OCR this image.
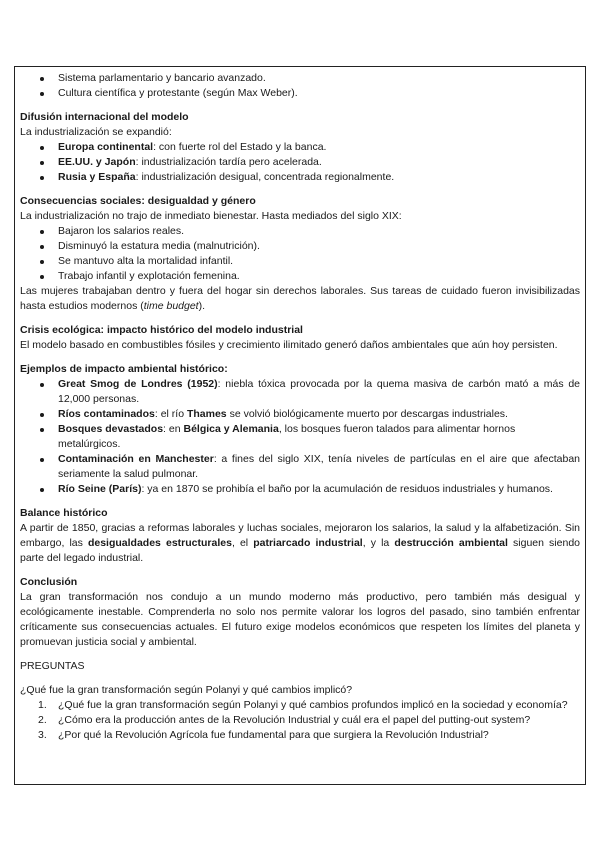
Sistema parlamentario y bancario avanzado.
Cultura científica y protestante (según Max Weber).
Difusión internacional del modelo

La industrialización se expandió:

Europa continental: con fuerte rol del Estado y la banca.
EE.UU. y Japón: industrialización tardía pero acelerada.
Rusia y España: industrialización desigual, concentrada regionalmente.
Consecuencias sociales: desigualdad y género

La industrialización no trajo de inmediato bienestar. Hasta mediados del siglo XIX:

Bajaron los salarios reales.
Disminuyó la estatura media (malnutrición).
Se mantuvo alta la mortalidad infantil.
Trabajo infantil y explotación femenina.

Las mujeres trabajaban dentro y fuera del hogar sin derechos laborales. Sus tareas de cuidado fueron invisibilizadas hasta estudios modernos (time budget).

Crisis ecológica: impacto histórico del modelo industrial

El modelo basado en combustibles fósiles y crecimiento ilimitado generó daños ambientales que aún hoy persisten.

Ejemplos de impacto ambiental histórico:
Great Smog de Londres (1952): niebla tóxica provocada por la quema masiva de carbón mató a más de 12,000 personas.
Ríos contaminados: el río Thames se volvió biológicamente muerto por descargas industriales.
Bosques devastados: en Bélgica y Alemania, los bosques fueron talados para alimentar hornos metalúrgicos.
Contaminación en Manchester: a fines del siglo XIX, tenía niveles de partículas en el aire que afectaban seriamente la salud pulmonar.
Río Seine (París): ya en 1870 se prohibía el baño por la acumulación de residuos industriales y humanos.
Balance histórico

A partir de 1850, gracias a reformas laborales y luchas sociales, mejoraron los salarios, la salud y la alfabetización. Sin embargo, las desigualdades estructurales, el patriarcado industrial, y la destrucción ambiental siguen siendo parte del legado industrial.

Conclusión

La gran transformación nos condujo a un mundo moderno más productivo, pero también más desigual y ecológicamente inestable. Comprenderla no solo nos permite valorar los logros del pasado, sino también enfrentar críticamente sus consecuencias actuales. El futuro exige modelos económicos que respeten los límites del planeta y promuevan justicia social y ambiental.

PREGUNTAS

¿Qué fue la gran transformación según Polanyi y qué cambios implicó?

1. ¿Qué fue la gran transformación según Polanyi y qué cambios profundos implicó en la sociedad y economía?
2. ¿Cómo era la producción antes de la Revolución Industrial y cuál era el papel del putting-out system?
3. ¿Por qué la Revolución Agrícola fue fundamental para que surgiera la Revolución Industrial?
